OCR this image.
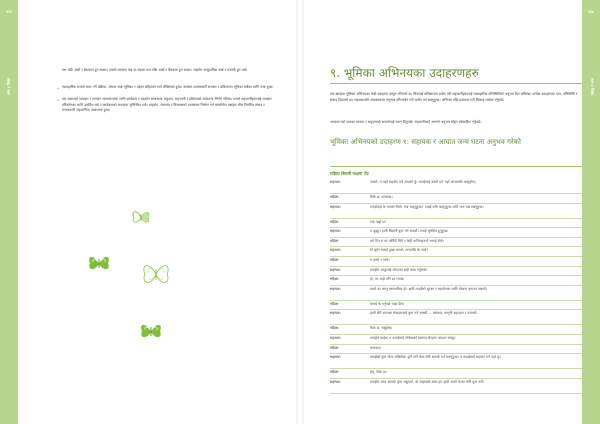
१५९
भाग ३ विषय
१६०
भाग ३ विषय
यस पछि अर्को र बैठकमा हुन सक्छ। उनको प्रसारण भन्न वा सहभा यस पछि अर्को र बैठकमा हुन सक्छ। सहयोग सामुदायिक स्पष्ट र प्रभावी हुन पर्छ।
• व्यावहारिक रूपमा काम गर्ने प्रक्रिया, जसमा स्पष्ट भूमिका र उद्देश्य सहितको मार्ग लेखिएको हुन्छ। यसबाट प्रभावकारी सञ्चार र प्रक्रियागत भूमिका सबैका लागि स्पष्ट हुन्छ।
• यस प्रकारको व्यवहार र सञ्चार अवधारणाका लागि कार्यक्रम र सहयोग सम्बन्धमा समुदाय, सहभागी र प्रक्रियाको आधारमा निर्णय गरिन्छ। यसले सहभागीहरूलाई व्यवहार परिवर्तनका लागि उत्प्रेरित गर्छ र कार्यक्रमको सफलता सुनिश्चित गर्छ। सहयोग, समन्वय र विश्वासको वातावरण निर्माण गर्न सम्बन्धित पक्षहरू बीच नियमित संवाद र प्रभावकारी सहभागिता आवश्यक हुन्छ।
९. भूमिका अभिनयका उदाहरणहरु
यस खण्डमा भूमिका अभिनयका केही उदाहरण प्रस्तुत गरिएको छ। यिनलाई प्रशिक्षणमा प्रयोग गरी सहभागीहरूलाई व्यावहारिक परिस्थितिको अनुभव दिन सकिन्छ। प्रत्येक उदाहरणमा पात्र, परिस्थिति र संवाद दिइएको छ। सहजकर्ताले आवश्यकता अनुसार परिमार्जन गरी प्रयोग गर्न सक्नुहुन्छ। अभिनय पछि छलफल गरी सिकाइ सारांश गर्नुपर्छ।
अभ्यास गर्दा पात्रका भावना र समुदायको सन्दर्भलाई ध्यान दिनुपर्छ। सहभागीलाई आफ्नो अनुभव बाँड्न प्रोत्साहित गर्नुपर्छ।
भूमिका अभिनयको उदाहरण १: सहायक र आघात जन्य घटना अनुभव गरेको
महिला बिरामी कक्षमा भेट
सहायक:	नमस्ते, म यहाँ सहयोग गर्न आएको हुँ। तपाईंलाई कस्तो छ? यहाँ आरामसँग बस्नुहोस्।
महिला:	ठिकै छ, धन्यवाद।
सहायक:	तपाईंलाई के भएको थियो, भन्न चाहनुहुन्छ? तपाईं जति चाहनुहुन्छ त्यति मात्र भन्न सक्नुहुन्छ।
महिला:	भन्न गाह्रो छ।
सहायक:	म बुझ्छु। हामी बिस्तारै कुरा गर्न सक्छौं। तपाईं सुरक्षित हुनुहुन्छ।
महिला:	त्यो दिन म घर फर्किंदै थिएँ र केही मानिसहरूले मलाई रोके।
सहायक:	यो सुनेर मलाई दुःख लाग्यो। त्यसपछि के भयो?
महिला:	म डराएँ र भागें।
सहायक:	तपाईंले आफूलाई जोगाउन सही काम गर्नुभयो।
महिला:	हो, तर अझै पनि डर लाग्छ।
सहायक:	यस्तो डर लाग्नु स्वाभाविक हो। हामी तपाईंको सुरक्षा र सहयोगका लागि योजना बनाउन सक्छौं।
महिला:	मलाई के गर्नुपर्छ थाहा छैन।
सहायक:	हामी सँगै उपलब्ध सेवाहरूबारे कुरा गर्न सक्छौं — स्वास्थ्य, कानुनी सहायता र परामर्श।
महिला:	ठिक छ, भन्नुहोस्।
सहायक:	तपाईंले चाहेमा म तपाईंलाई नजिकको स्वास्थ्य केन्द्रमा पठाउन सक्छु।
महिला:	धन्यवाद।
सहायक:	तपाईंको कुरा गोप्य राखिनेछ। कुनै पनि बेला फेरि सम्पर्क गर्न सक्नुहुन्छ। म तपाईंलाई सहयोग गर्न यहाँ छु।
महिला:	हस्, ठिक छ।
सहायक:	तपाईंले आज आफ्नो कुरा भन्नुभयो, यो साहसको काम हो। हामी अर्को भेटमा फेरि कुरा गरौं।
